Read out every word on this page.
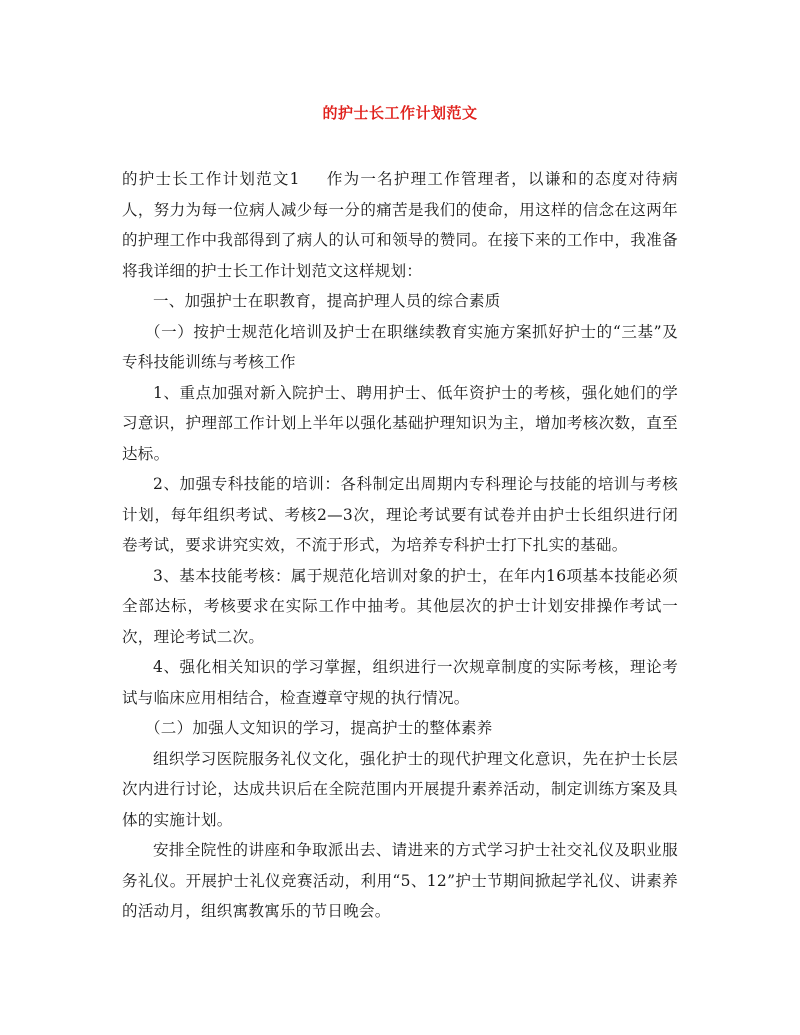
的护士长工作计划范文

的护士长工作计划范文1 作为一名护理工作管理者，以谦和的态度对待病人，努力为每一位病人减少每一分的痛苦是我们的使命，用这样的信念在这两年的护理工作中我部得到了病人的认可和领导的赞同。在接下来的工作中，我准备将我详细的护士长工作计划范文这样规划：

一、加强护士在职教育，提高护理人员的综合素质

（一）按护士规范化培训及护士在职继续教育实施方案抓好护士的“三基”及专科技能训练与考核工作

1、重点加强对新入院护士、聘用护士、低年资护士的考核，强化她们的学习意识，护理部工作计划上半年以强化基础护理知识为主，增加考核次数，直至达标。

2、加强专科技能的培训：各科制定出周期内专科理论与技能的培训与考核计划，每年组织考试、考核2—3次，理论考试要有试卷并由护士长组织进行闭卷考试，要求讲究实效，不流于形式，为培养专科护士打下扎实的基础。

3、基本技能考核：属于规范化培训对象的护士，在年内16项基本技能必须全部达标，考核要求在实际工作中抽考。其他层次的护士计划安排操作考试一次，理论考试二次。

4、强化相关知识的学习掌握，组织进行一次规章制度的实际考核，理论考试与临床应用相结合，检查遵章守规的执行情况。

（二）加强人文知识的学习，提高护士的整体素养

组织学习医院服务礼仪文化，强化护士的现代护理文化意识，先在护士长层次内进行讨论，达成共识后在全院范围内开展提升素养活动，制定训练方案及具体的实施计划。

安排全院性的讲座和争取派出去、请进来的方式学习护士社交礼仪及职业服务礼仪。开展护士礼仪竞赛活动，利用“5、12”护士节期间掀起学礼仪、讲素养的活动月，组织寓教寓乐的节日晚会。
